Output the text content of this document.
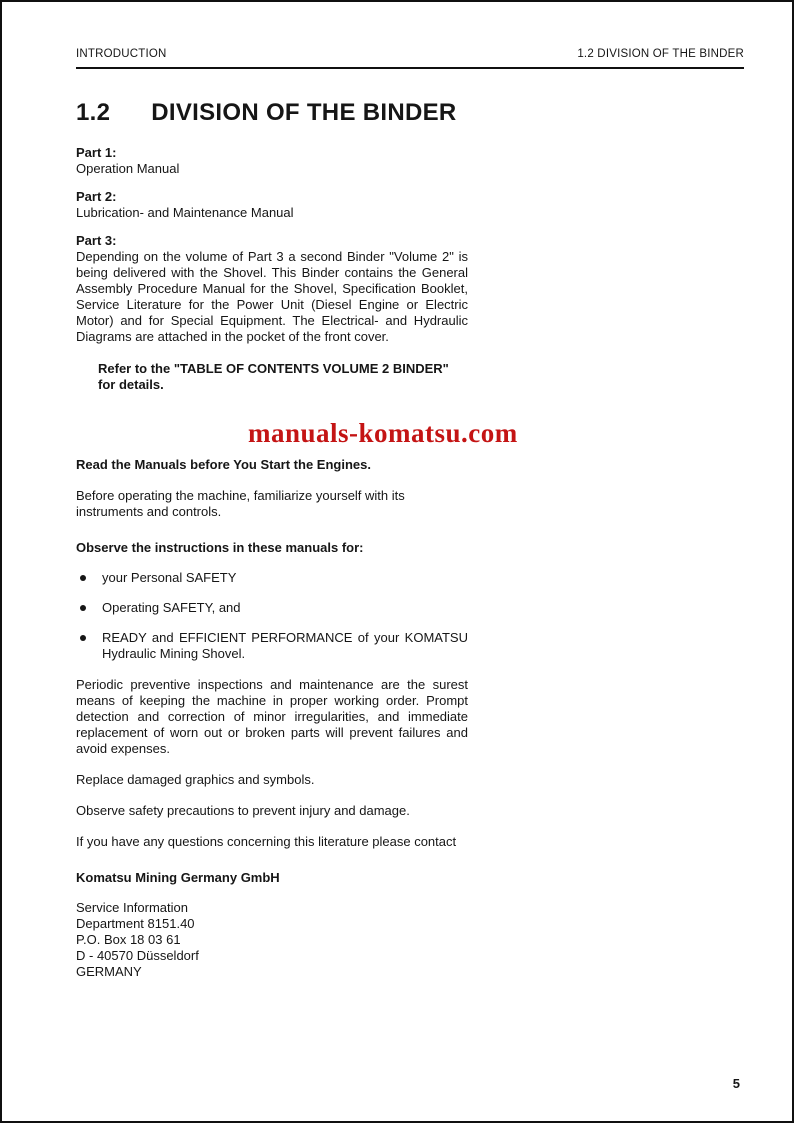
INTRODUCTION	1.2 DIVISION OF THE BINDER
1.2 DIVISION OF THE BINDER
Part 1:
Operation Manual
Part 2:
Lubrication- and Maintenance Manual
Part 3:
Depending on the volume of Part 3 a second Binder "Volume 2" is being delivered with the Shovel. This Binder contains the General Assembly Procedure Manual for the Shovel, Specification Booklet, Service Literature for the Power Unit (Diesel Engine or Electric Motor) and for Special Equipment. The Electrical- and Hydraulic Diagrams are attached in the pocket of the front cover.
Refer to the "TABLE OF CONTENTS VOLUME 2 BINDER" for details.
Read the Manuals before You Start the Engines.

Before operating the machine, familiarize yourself with its instruments and controls.

Observe the instructions in these manuals for:
your Personal SAFETY
Operating SAFETY, and
READY and EFFICIENT PERFORMANCE of your KOMATSU Hydraulic Mining Shovel.

Periodic preventive inspections and maintenance are the surest means of keeping the machine in proper working order. Prompt detection and correction of minor irregularities, and immediate replacement of worn out or broken parts will prevent failures and avoid expenses.

Replace damaged graphics and symbols.

Observe safety precautions to prevent injury and damage.

If you have any questions concerning this literature please contact

Komatsu Mining Germany GmbH
Service Information
Department 8151.40
P.O. Box 18 03 61
D - 40570 Düsseldorf
GERMANY
manuals-komatsu.com
5
